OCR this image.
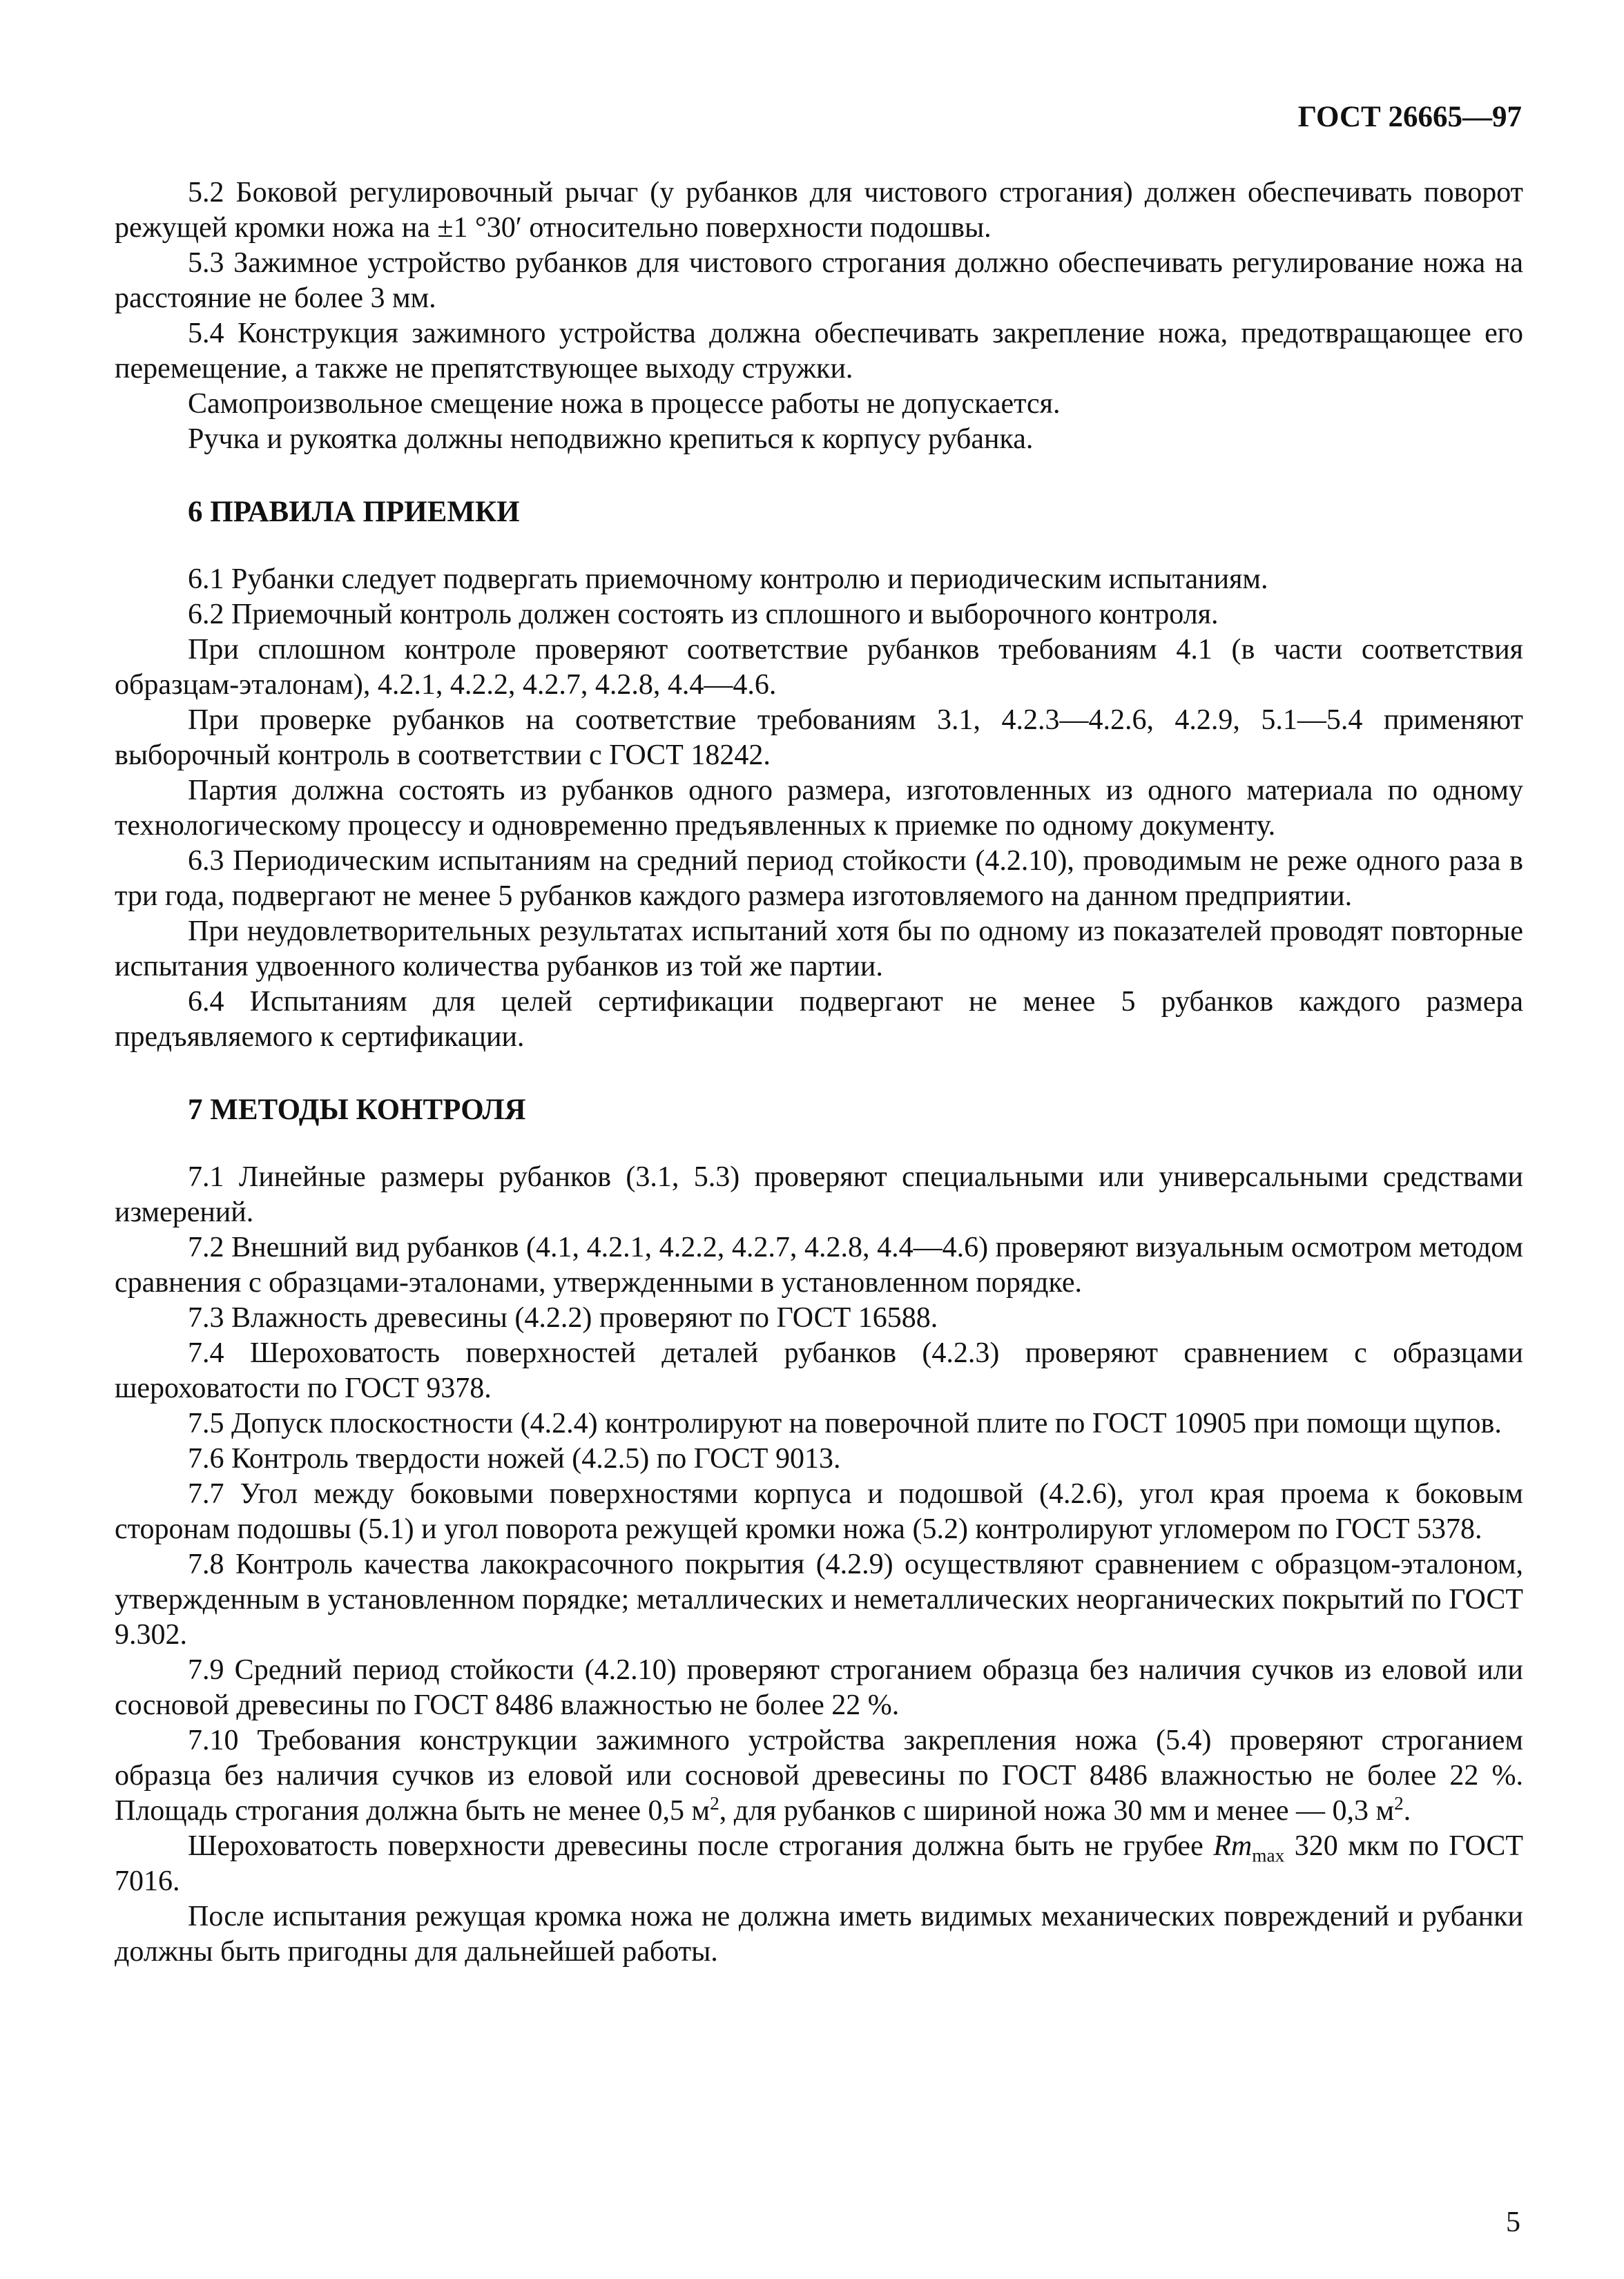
ГОСТ 26665—97

5.2 Боковой регулировочный рычаг (у рубанков для чистового строгания) должен обеспечивать поворот режущей кромки ножа на ±1 °30′ относительно поверхности подошвы.

5.3 Зажимное устройство рубанков для чистового строгания должно обеспечивать регулирование ножа на расстояние не более 3 мм.

5.4 Конструкция зажимного устройства должна обеспечивать закрепление ножа, предотвращающее его перемещение, а также не препятствующее выходу стружки.

Самопроизвольное смещение ножа в процессе работы не допускается.

Ручка и рукоятка должны неподвижно крепиться к корпусу рубанка.

6 ПРАВИЛА ПРИЕМКИ

6.1 Рубанки следует подвергать приемочному контролю и периодическим испытаниям.

6.2 Приемочный контроль должен состоять из сплошного и выборочного контроля.

При сплошном контроле проверяют соответствие рубанков требованиям 4.1 (в части соответствия образцам-эталонам), 4.2.1, 4.2.2, 4.2.7, 4.2.8, 4.4—4.6.

При проверке рубанков на соответствие требованиям 3.1, 4.2.3—4.2.6, 4.2.9, 5.1—5.4 применяют выборочный контроль в соответствии с ГОСТ 18242.

Партия должна состоять из рубанков одного размера, изготовленных из одного материала по одному технологическому процессу и одновременно предъявленных к приемке по одному документу.

6.3 Периодическим испытаниям на средний период стойкости (4.2.10), проводимым не реже одного раза в три года, подвергают не менее 5 рубанков каждого размера изготовляемого на данном предприятии.

При неудовлетворительных результатах испытаний хотя бы по одному из показателей проводят повторные испытания удвоенного количества рубанков из той же партии.

6.4 Испытаниям для целей сертификации подвергают не менее 5 рубанков каждого размера предъявляемого к сертификации.

7 МЕТОДЫ КОНТРОЛЯ

7.1 Линейные размеры рубанков (3.1, 5.3) проверяют специальными или универсальными средствами измерений.

7.2 Внешний вид рубанков (4.1, 4.2.1, 4.2.2, 4.2.7, 4.2.8, 4.4—4.6) проверяют визуальным осмотром методом сравнения с образцами-эталонами, утвержденными в установленном порядке.

7.3 Влажность древесины (4.2.2) проверяют по ГОСТ 16588.

7.4 Шероховатость поверхностей деталей рубанков (4.2.3) проверяют сравнением с образцами шероховатости по ГОСТ 9378.

7.5 Допуск плоскостности (4.2.4) контролируют на поверочной плите по ГОСТ 10905 при помощи щупов.

7.6 Контроль твердости ножей (4.2.5) по ГОСТ 9013.

7.7 Угол между боковыми поверхностями корпуса и подошвой (4.2.6), угол края проема к боковым сторонам подошвы (5.1) и угол поворота режущей кромки ножа (5.2) контролируют угломером по ГОСТ 5378.

7.8 Контроль качества лакокрасочного покрытия (4.2.9) осуществляют сравнением с образцом-эталоном, утвержденным в установленном порядке; металлических и неметаллических неорганических покрытий по ГОСТ 9.302.

7.9 Средний период стойкости (4.2.10) проверяют строганием образца без наличия сучков из еловой или сосновой древесины по ГОСТ 8486 влажностью не более 22 %.

7.10 Требования конструкции зажимного устройства закрепления ножа (5.4) проверяют строганием образца без наличия сучков из еловой или сосновой древесины по ГОСТ 8486 влажностью не более 22 %. Площадь строгания должна быть не менее 0,5 $м^2$, для рубанков с шириной ножа 30 мм и менее — 0,3 $м^2$.

Шероховатость поверхности древесины после строгания должна быть не грубее $Rm_{max}$ 320 мкм по ГОСТ 7016.

После испытания режущая кромка ножа не должна иметь видимых механических повреждений и рубанки должны быть пригодны для дальнейшей работы.

5
